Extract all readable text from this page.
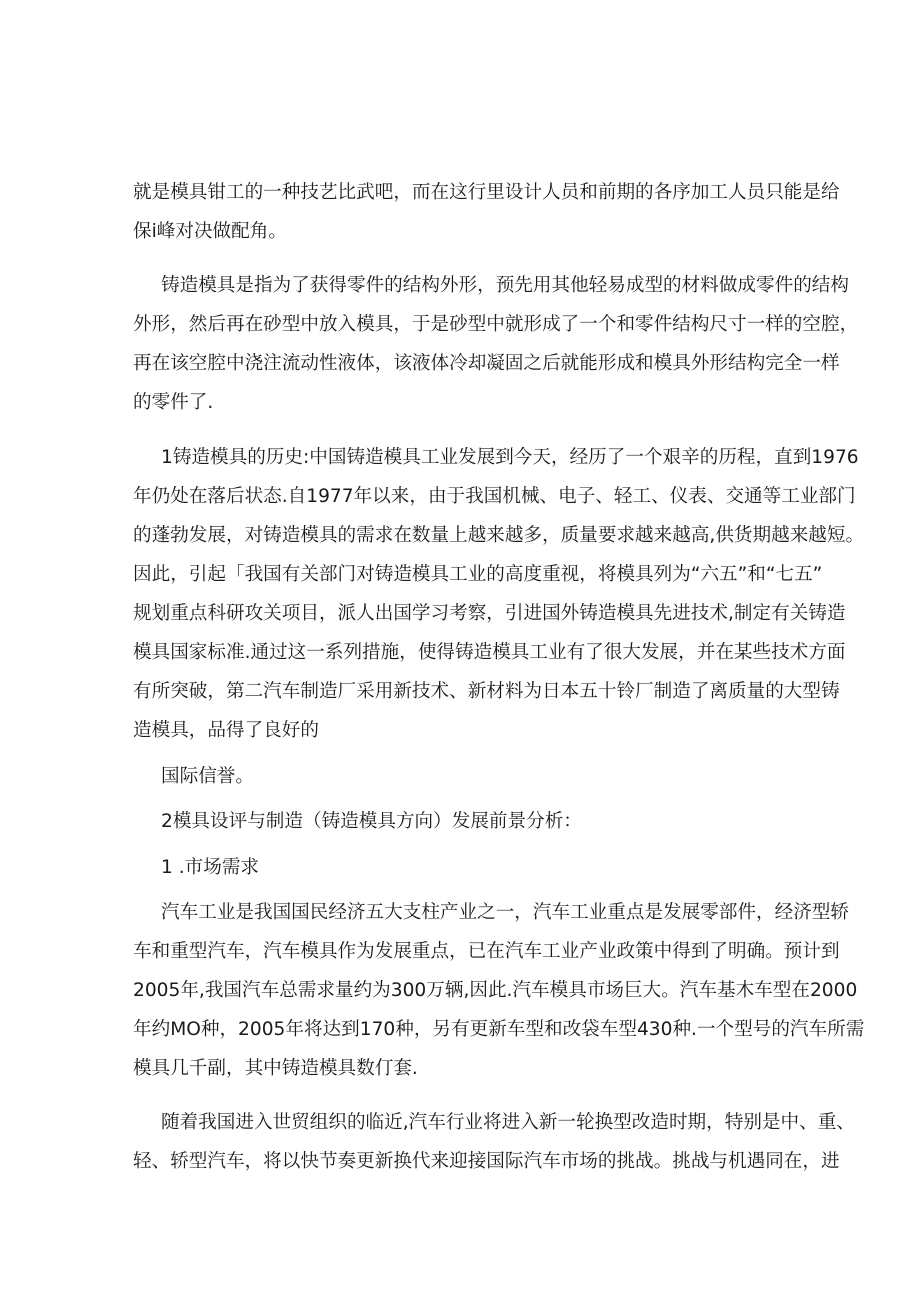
就是模具钳工的一种技艺比武吧，而在这行里设计人员和前期的各序加工人员只能是给
保i峰对决做配角。
铸造模具是指为了获得零件的结构外形，预先用其他轻易成型的材料做成零件的结构
外形，然后再在砂型中放入模具，于是砂型中就形成了一个和零件结构尺寸一样的空腔，
再在该空腔中浇注流动性液体，该液体冷却凝固之后就能形成和模具外形结构完全一样
的零件了.
1铸造模具的历史:中国铸造模具工业发展到今天，经历了一个艰辛的历程，直到1976
年仍处在落后状态.自1977年以来，由于我国机械、电子、轻工、仪表、交通等工业部门
的蓬勃发展，对铸造模具的需求在数量上越来越多，质量要求越来越高,供货期越来越短。
因此，引起「我国有关部门对铸造模具工业的高度重视，将模具列为“六五”和“七五”
规划重点科研攻关项目，派人出国学习考察，引进国外铸造模具先进技术,制定有关铸造
模具国家标准.通过这一系列措施，使得铸造模具工业有了很大发展，并在某些技术方面
有所突破，第二汽车制造厂采用新技术、新材料为日本五十铃厂制造了离质量的大型铸
造模具，品得了良好的
国际信誉。
2模具设评与制造（铸造模具方向）发展前景分析：
1 .市场需求
汽车工业是我国国民经济五大支柱产业之一，汽车工业重点是发展零部件，经济型轿
车和重型汽车，汽车模具作为发展重点，已在汽车工业产业政策中得到了明确。预计到
2005年,我国汽车总需求量约为300万辆,因此.汽车模具市场巨大。汽车基木车型在2000
年约MO种，2005年将达到170种，另有更新车型和改袋车型430种.一个型号的汽车所需
模具几千副，其中铸造模具数仃套.
随着我国进入世贸组织的临近,汽车行业将进入新一轮换型改造时期，特别是中、重、
轻、轿型汽车，将以快节奏更新换代来迎接国际汽车市场的挑战。挑战与机遇同在，进
